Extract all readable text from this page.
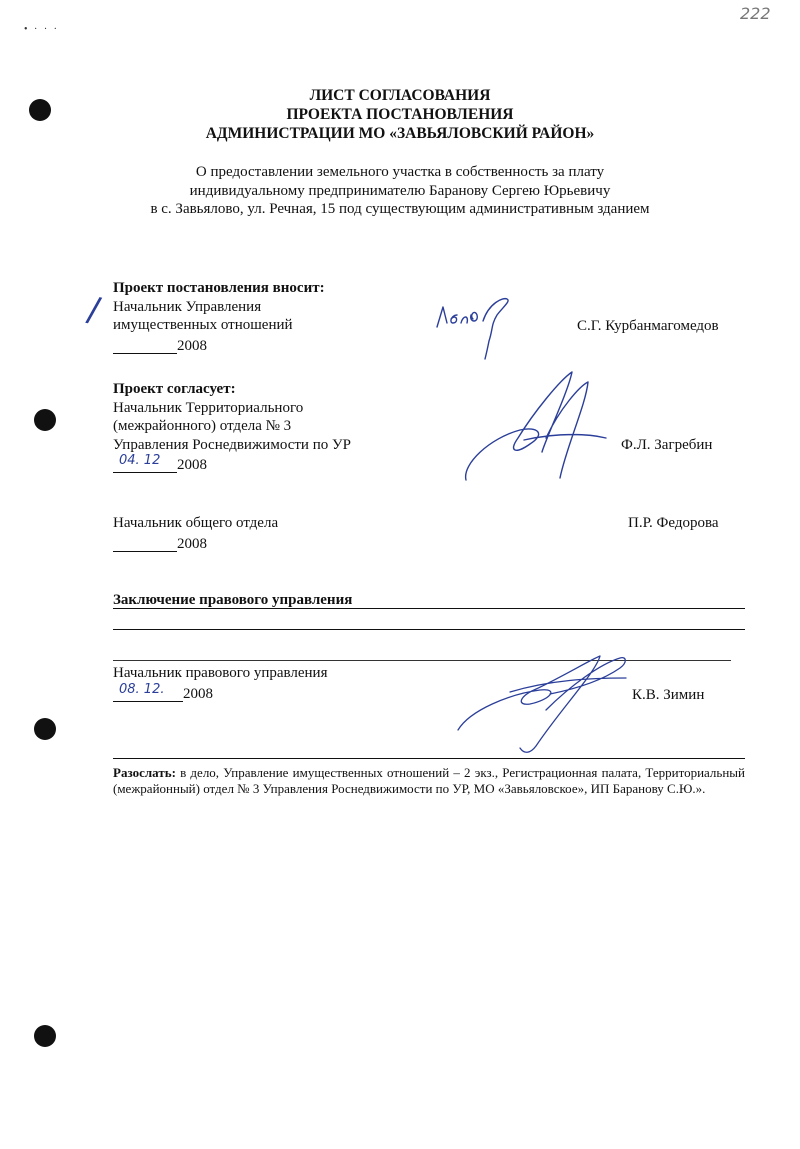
• · · ·
222
ЛИСТ СОГЛАСОВАНИЯ
ПРОЕКТА ПОСТАНОВЛЕНИЯ
АДМИНИСТРАЦИИ МО «ЗАВЬЯЛОВСКИЙ РАЙОН»
О предоставлении земельного участка в собственность за плату
индивидуальному предпринимателю Баранову Сергею Юрьевичу
в с. Завьялово, ул. Речная, 15 под существующим административным зданием
/
Проект постановления вносит:
Начальник Управления
имущественных отношений
2008
С.Г. Курбанмагомедов
Проект согласует:
Начальник Территориального
(межрайонного) отдела № 3
Управления Роснедвижимости по УР

04. 12 2008
Ф.Л. Загребин
Начальник общего отдела
2008
П.Р. Федорова
Заключение правового управления
Начальник правового управления

08. 12. 2008	К.В. Зимин
Разослать: в дело, Управление имущественных отношений – 2 экз., Регистрационная палата, Территориальный (межрайонный) отдел № 3 Управления Роснедвижимости по УР, МО «Завьяловское», ИП Баранову С.Ю.».
